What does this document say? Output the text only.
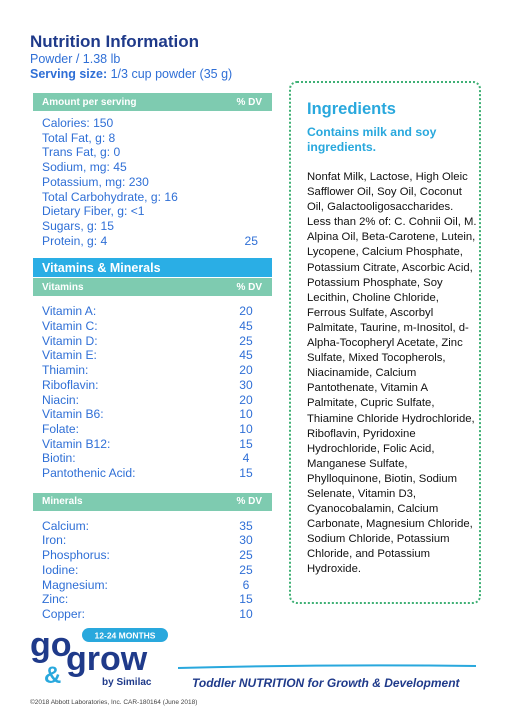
Nutrition Information
Powder / 1.38 lb
Serving size: 1/3 cup powder (35 g)
Amount per serving	% DV
Calories: 150
Total Fat, g: 8
Trans Fat, g: 0
Sodium, mg: 45
Potassium, mg: 230
Total Carbohydrate, g: 16
Dietary Fiber, g: <1
Sugars, g: 15
Protein, g: 4	25
Vitamins & Minerals
Vitamins	% DV
Vitamin A:	20
Vitamin C:	45
Vitamin D:	25
Vitamin E:	45
Thiamin:	20
Riboflavin:	30
Niacin:	20
Vitamin B6:	10
Folate:	10
Vitamin B12:	15
Biotin:	4
Pantothenic Acid:	15
Minerals	% DV
Calcium:	35
Iron:	30
Phosphorus:	25
Iodine:	25
Magnesium:	6
Zinc:	15
Copper:	10
Ingredients
Contains milk and soy ingredients.
Nonfat Milk, Lactose, High Oleic Safflower Oil, Soy Oil, Coconut Oil, Galactooligosaccharides. Less than 2% of: C. Cohnii Oil, M. Alpina Oil, Beta-Carotene, Lutein, Lycopene, Calcium Phosphate, Potassium Citrate, Ascorbic Acid, Potassium Phosphate, Soy Lecithin, Choline Chloride, Ferrous Sulfate, Ascorbyl Palmitate, Taurine, m-Inositol, d-Alpha-Tocopheryl Acetate, Zinc Sulfate, Mixed Tocopherols, Niacinamide, Calcium Pantothenate, Vitamin A Palmitate, Cupric Sulfate, Thiamine Chloride Hydrochloride, Riboflavin, Pyridoxine Hydrochloride, Folic Acid, Manganese Sulfate, Phylloquinone, Biotin, Sodium Selenate, Vitamin D3, Cyanocobalamin, Calcium Carbonate, Magnesium Chloride, Sodium Chloride, Potassium Chloride, and Potassium Hydroxide.
12-24 MONTHS
go
& grow
by Similac	Toddler NUTRITION for Growth & Development
©2018 Abbott Laboratories, Inc. CAR-180164 (June 2018)
